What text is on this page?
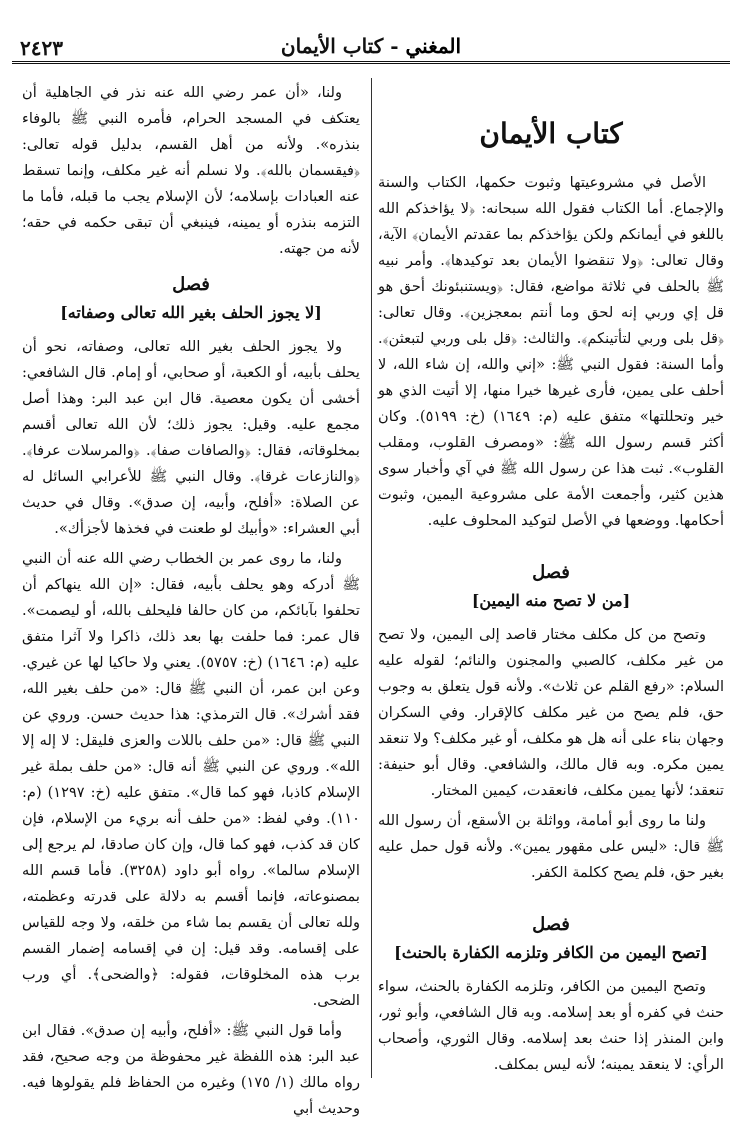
المغني - كتاب الأيمان
٢٤٢٣
كتاب الأيمان

الأصل في مشروعيتها وثبوت حكمها، الكتاب والسنة والإجماع. أما الكتاب فقول الله سبحانه: ﴿لا يؤاخذكم الله باللغو في أيمانكم ولكن يؤاخذكم بما عقدتم الأيمان﴾ الآية، وقال تعالى: ﴿ولا تنقضوا الأيمان بعد توكيدها﴾. وأمر نبيه ﷺ بالحلف في ثلاثة مواضع، فقال: ﴿ويستنبئونك أحق هو قل إي وربي إنه لحق وما أنتم بمعجزين﴾. وقال تعالى: ﴿قل بلى وربي لتأتينكم﴾. والثالث: ﴿قل بلى وربي لتبعثن﴾. وأما السنة: فقول النبي ﷺ: «إني والله، إن شاء الله، لا أحلف على يمين، فأرى غيرها خيرا منها، إلا أتيت الذي هو خير وتحللتها» متفق عليه (م: ١٦٤٩) (خ: ٥١٩٩). وكان أكثر قسم رسول الله ﷺ: «ومصرف القلوب، ومقلب القلوب». ثبت هذا عن رسول الله ﷺ في آي وأخبار سوى هذين كثير، وأجمعت الأمة على مشروعية اليمين، وثبوت أحكامها. ووضعها في الأصل لتوكيد المحلوف عليه.

فصل
[من لا تصح منه اليمين]

وتصح من كل مكلف مختار قاصد إلى اليمين، ولا تصح من غير مكلف، كالصبي والمجنون والنائم؛ لقوله عليه السلام: «رفع القلم عن ثلاث». ولأنه قول يتعلق به وجوب حق، فلم يصح من غير مكلف كالإقرار. وفي السكران وجهان بناء على أنه هل هو مكلف، أو غير مكلف؟ ولا تنعقد يمين مكره. وبه قال مالك، والشافعي. وقال أبو حنيفة: تنعقد؛ لأنها يمين مكلف، فانعقدت، كيمين المختار.

ولنا ما روى أبو أمامة، وواثلة بن الأسقع، أن رسول الله ﷺ قال: «ليس على مقهور يمين». ولأنه قول حمل عليه بغير حق، فلم يصح ككلمة الكفر.

فصل
[تصح اليمين من الكافر وتلزمه الكفارة بالحنث]

وتصح اليمين من الكافر، وتلزمه الكفارة بالحنث، سواء حنث في كفره أو بعد إسلامه. وبه قال الشافعي، وأبو ثور، وابن المنذر إذا حنث بعد إسلامه. وقال الثوري، وأصحاب الرأي: لا ينعقد يمينه؛ لأنه ليس بمكلف.

ولنا، «أن عمر رضي الله عنه نذر في الجاهلية أن يعتكف في المسجد الحرام، فأمره النبي ﷺ بالوفاء بنذره». ولأنه من أهل القسم، بدليل قوله تعالى: ﴿فيقسمان بالله﴾. ولا نسلم أنه غير مكلف، وإنما تسقط عنه العبادات بإسلامه؛ لأن الإسلام يجب ما قبله، فأما ما التزمه بنذره أو يمينه، فينبغي أن تبقى حكمه في حقه؛ لأنه من جهته.

فصل
[لا يجوز الحلف بغير الله تعالى وصفاته]

ولا يجوز الحلف بغير الله تعالى، وصفاته، نحو أن يحلف بأبيه، أو الكعبة، أو صحابي، أو إمام. قال الشافعي: أخشى أن يكون معصية. قال ابن عبد البر: وهذا أصل مجمع عليه. وقيل: يجوز ذلك؛ لأن الله تعالى أقسم بمخلوقاته، فقال: ﴿والصافات صفا﴾. ﴿والمرسلات عرفا﴾. ﴿والنازعات غرقا﴾. وقال النبي ﷺ للأعرابي السائل له عن الصلاة: «أفلح، وأبيه، إن صدق». وقال في حديث أبي العشراء: «وأبيك لو طعنت في فخذها لأجزأك».

ولنا، ما روى عمر بن الخطاب رضي الله عنه أن النبي ﷺ أدركه وهو يحلف بأبيه، فقال: «إن الله ينهاكم أن تحلفوا بآبائكم، من كان حالفا فليحلف بالله، أو ليصمت». قال عمر: فما حلفت بها بعد ذلك، ذاكرا ولا آثرا متفق عليه (م: ١٦٤٦) (خ: ٥٧٥٧). يعني ولا حاكيا لها عن غيري. وعن ابن عمر، أن النبي ﷺ قال: «من حلف بغير الله، فقد أشرك». قال الترمذي: هذا حديث حسن. وروي عن النبي ﷺ قال: «من حلف باللات والعزى فليقل: لا إله إلا الله». وروي عن النبي ﷺ أنه قال: «من حلف بملة غير الإسلام كاذبا، فهو كما قال». متفق عليه (خ: ١٢٩٧) (م: ١١٠). وفي لفظ: «من حلف أنه بريء من الإسلام، فإن كان قد كذب، فهو كما قال، وإن كان صادقا، لم يرجع إلى الإسلام سالما». رواه أبو داود (٣٢٥٨). فأما قسم الله بمصنوعاته، فإنما أقسم به دلالة على قدرته وعظمته، ولله تعالى أن يقسم بما شاء من خلقه، ولا وجه للقياس على إقسامه. وقد قيل: إن في إقسامه إضمار القسم برب هذه المخلوقات، فقوله: ﴿والضحى﴾. أي ورب الضحى.

وأما قول النبي ﷺ: «أفلح، وأبيه إن صدق». فقال ابن عبد البر: هذه اللفظة غير محفوظة من وجه صحيح، فقد رواه مالك (١/ ١٧٥) وغيره من الحفاظ فلم يقولوها فيه. وحديث أبي
